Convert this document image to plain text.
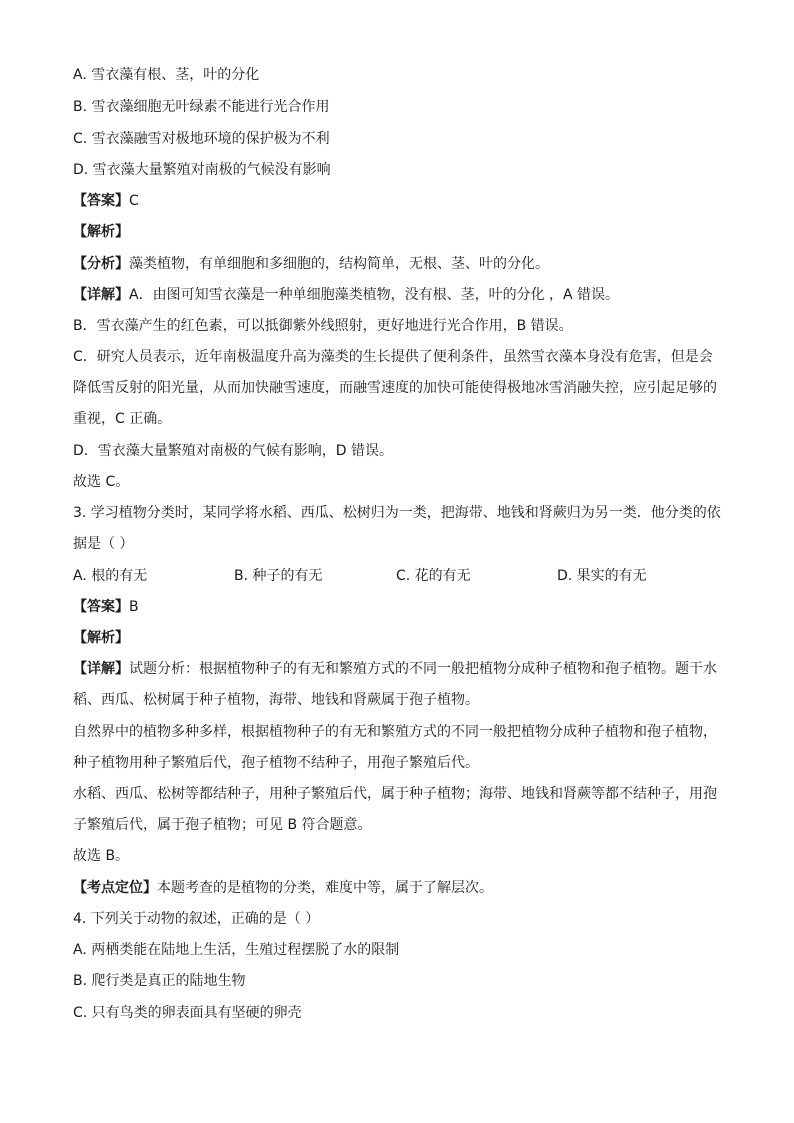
A. 雪衣藻有根、茎，叶的分化
B. 雪衣藻细胞无叶绿素不能进行光合作用
C. 雪衣藻融雪对极地环境的保护极为不利
D. 雪衣藻大量繁殖对南极的气候没有影响
【答案】C
【解析】
【分析】藻类植物，有单细胞和多细胞的，结构简单，无根、茎、叶的分化。
【详解】A．由图可知雪衣藻是一种单细胞藻类植物，没有根、茎，叶的分化 ，A 错误。
B．雪衣藻产生的红色素，可以抵御紫外线照射，更好地进行光合作用，B 错误。
C．研究人员表示，近年南极温度升高为藻类的生长提供了便利条件，虽然雪衣藻本身没有危害，但是会
降低雪反射的阳光量，从而加快融雪速度，而融雪速度的加快可能使得极地冰雪消融失控，应引起足够的
重视，C 正确。
D．雪衣藻大量繁殖对南极的气候有影响，D 错误。
故选 C。
3. 学习植物分类时，某同学将水稻、西瓜、松树归为一类，把海带、地钱和肾蕨归为另一类．他分类的依
据是（ ）
A. 根的有无	B. 种子的有无	C. 花的有无	D. 果实的有无
【答案】B
【解析】
【详解】试题分析：根据植物种子的有无和繁殖方式的不同一般把植物分成种子植物和孢子植物。题干水
稻、西瓜、松树属于种子植物，海带、地钱和肾蕨属于孢子植物。
自然界中的植物多种多样，根据植物种子的有无和繁殖方式的不同一般把植物分成种子植物和孢子植物，
种子植物用种子繁殖后代，孢子植物不结种子，用孢子繁殖后代。
水稻、西瓜、松树等都结种子，用种子繁殖后代，属于种子植物；海带、地钱和肾蕨等都不结种子，用孢
子繁殖后代，属于孢子植物；可见 B 符合题意。
故选 B。
【考点定位】本题考查的是植物的分类，难度中等，属于了解层次。
4. 下列关于动物的叙述，正确的是（ ）
A. 两栖类能在陆地上生活，生殖过程摆脱了水的限制
B. 爬行类是真正的陆地生物
C. 只有鸟类的卵表面具有坚硬的卵壳
